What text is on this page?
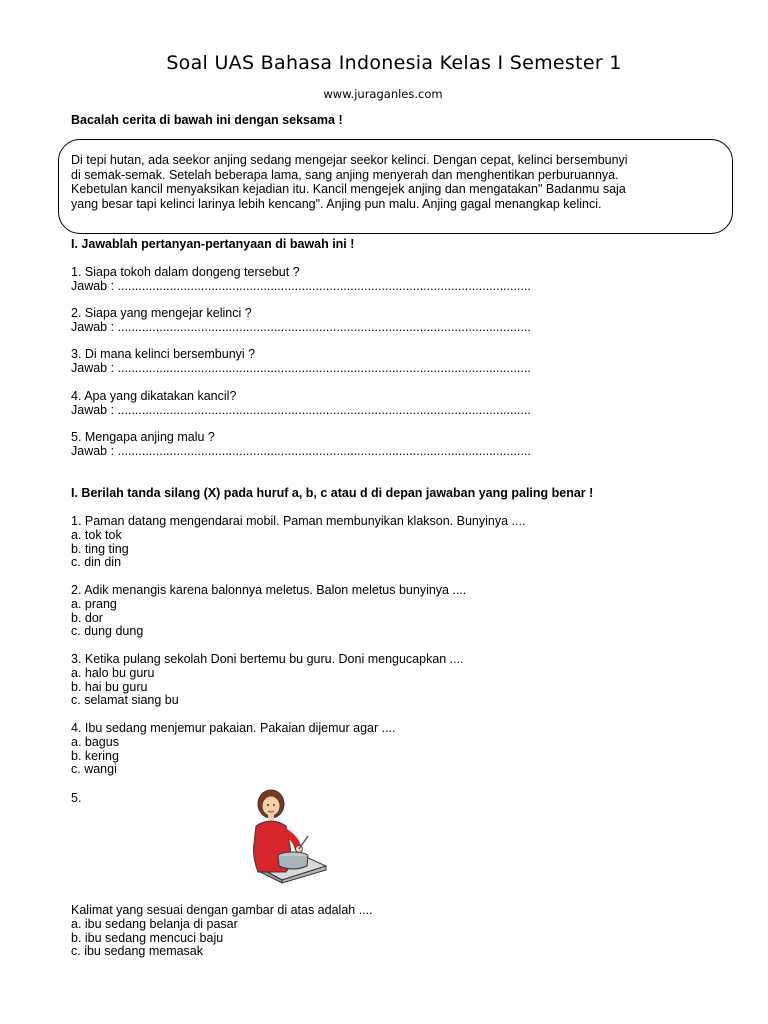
Soal UAS Bahasa Indonesia Kelas I Semester 1
www.juraganles.com
Bacalah cerita di bawah ini dengan seksama !
Di tepi hutan, ada seekor anjing sedang mengejar seekor kelinci. Dengan cepat, kelinci bersembunyi
di semak-semak. Setelah beberapa lama, sang anjing menyerah dan menghentikan perburuannya.
Kebetulan kancil menyaksikan kejadian itu. Kancil mengejek anjing dan mengatakan" Badanmu saja
yang besar tapi kelinci larinya lebih kencang". Anjing pun malu. Anjing gagal menangkap kelinci.
I. Jawablah pertanyan-pertanyaan di bawah ini !
1. Siapa tokoh dalam dongeng tersebut ?
Jawab : .......................................................................................................................
2. Siapa yang mengejar kelinci ?
Jawab : .......................................................................................................................
3. Di mana kelinci bersembunyi ?
Jawab : .......................................................................................................................
4. Apa yang dikatakan kancil?
Jawab : .......................................................................................................................
5. Mengapa anjing malu ?
Jawab : .......................................................................................................................
I. Berilah tanda silang (X) pada huruf a, b, c atau d di depan jawaban yang paling benar !
1. Paman datang mengendarai mobil. Paman membunyikan klakson. Bunyinya ....
a. tok tok
b. ting ting
c. din din
2. Adik menangis karena balonnya meletus. Balon meletus bunyinya ....
a. prang
b. dor
c. dung dung
3. Ketika pulang sekolah Doni bertemu bu guru. Doni mengucapkan ....
a. halo bu guru
b. hai bu guru
c. selamat siang bu
4. Ibu sedang menjemur pakaian. Pakaian dijemur agar ....
a. bagus
b. kering
c. wangi
5.
Kalimat yang sesuai dengan gambar di atas adalah ....
a. ibu sedang belanja di pasar
b. ibu sedang mencuci baju
c. ibu sedang memasak
